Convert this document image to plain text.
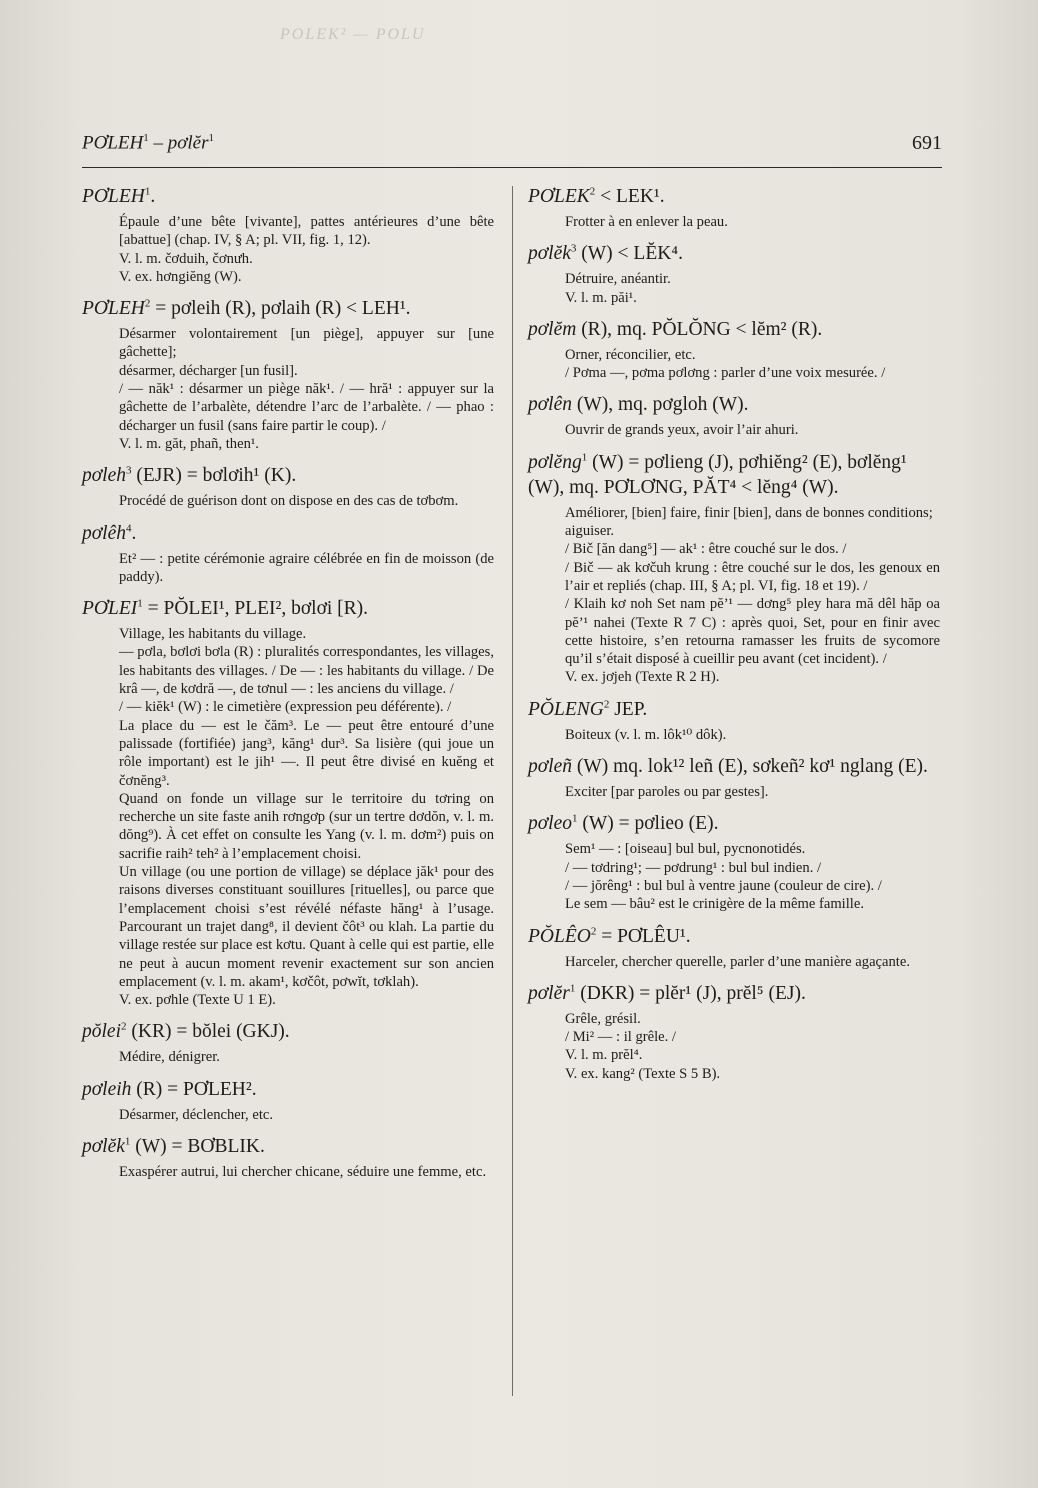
POLEK² — POLU
PƠLEH$^1$ – pơlĕr$^1$	691
PƠLEH$^1$.

Épaule d’une bête [vivante], pattes antérieures d’une bête [abattue] (chap. IV, § A; pl. VII, fig. 1, 12).

V. l. m. čơduih, čơnưh.

V. ex. hơngiĕng (W).

$PƠLEH^2$ = pơleih (R), pơlaih (R) < LEH¹.

Désarmer volontairement [un piège], appuyer sur [une gâchette];

désarmer, décharger [un fusil].

/ — năk¹ : désarmer un piège năk¹. / — hră¹ : appuyer sur la gâchette de l’arbalète, détendre l’arc de l’arbalète. / — phao : décharger un fusil (sans faire partir le coup). /

V. l. m. găt, phañ, then¹.

pơleh$^3$ (EJR) = bơlơih¹ (K).

Procédé de guérison dont on dispose en des cas de tơbơm.

pơlêh$^4$.

Et² — : petite cérémonie agraire célébrée en fin de moisson (de paddy).

$PƠLEI^1$ = PŎLEI¹, PLEI², bơlơi [R).

Village, les habitants du village.

— pơla, bơlơi bơla (R) : pluralités correspondantes, les villages, les habitants des villages. / De — : les habitants du village. / De krâ —, de kơdră —, de tơnul — : les anciens du village. /

/ — kiĕk¹ (W) : le cimetière (expression peu déférente). /

La place du — est le čăm³. Le — peut être entouré d’une palissade (fortifiée) jang³, kăng¹ dur³. Sa lisière (qui joue un rôle important) est le jih¹ —. Il peut être divisé en kuĕng et čơnĕng³.

Quand on fonde un village sur le territoire du tơring on recherche un site faste anih rơngơp (sur un tertre dơdŏn, v. l. m. dŏng⁹). À cet effet on consulte les Yang (v. l. m. dơm²) puis on sacrifie raih² teh² à l’emplacement choisi.

Un village (ou une portion de village) se déplace jăk¹ pour des raisons diverses constituant souillures [rituelles], ou parce que l’emplacement choisi s’est révélé néfaste hăng¹ à l’usage. Parcourant un trajet dang⁸, il devient čôt³ ou klah. La partie du village restée sur place est kơtu. Quant à celle qui est partie, elle ne peut à aucun moment revenir exactement sur son ancien emplacement (v. l. m. akam¹, kơčôt, pơwĭt, tơklah).

V. ex. pơhle (Texte U 1 E).

pŏlei$^2$ (KR) = bŏlei (GKJ).

Médire, dénigrer.

pơleih (R) = PƠLEH².

Désarmer, déclencher, etc.

pơlĕk$^1$ (W) = BƠBLIK.

Exaspérer autrui, lui chercher chicane, séduire une femme, etc.

$PƠLEK^2 < LEK^1$.

Frotter à en enlever la peau.

pơlĕk$^3$ (W) < LĔK⁴.

Détruire, anéantir.

V. l. m. păi¹.

pơlĕm (R), mq. PŎLŎNG < lĕm² (R).

Orner, réconcilier, etc.

/ Pơma —, pơma pơlơng : parler d’une voix mesurée. /

pơlên (W), mq. pơgloh (W).

Ouvrir de grands yeux, avoir l’air ahuri.

pơlĕng$^1$ (W) = pơlieng (J), pơhiĕng² (E), bơlĕng¹ (W), mq. PƠLƠNG, PĂT⁴ < lĕng⁴ (W).

Améliorer, [bien] faire, finir [bien], dans de bonnes conditions;

aiguiser.

/ Bič [ăn dang⁵] — ak¹ : être couché sur le dos. /

/ Bič — ak kơčuh krung : être couché sur le dos, les genoux en l’air et repliés (chap. III, § A; pl. VI, fig. 18 et 19). /

/ Klaih kơ noh Set nam pĕ’¹ — dơng⁵ pley hara mă dêl hăp oa pĕ’¹ nahei (Texte R 7 C) : après quoi, Set, pour en finir avec cette histoire, s’en retourna ramasser les fruits de sycomore qu’il s’était disposé à cueillir peu avant (cet incident). /

V. ex. jơjeh (Texte R 2 H).

PŎLENG$^2$ JEP.

Boiteux (v. l. m. lôk¹⁰ dôk).

pơleñ (W) mq. lok¹² leñ (E), sơkeñ² kơ¹ nglang (E).

Exciter [par paroles ou par gestes].

pơleo$^1$ (W) = pơlieo (E).

Sem¹ — : [oiseau] bul bul, pycnonotidés.

/ — tơdring¹; — pơdrung¹ : bul bul indien. /

/ — jŏrêng¹ : bul bul à ventre jaune (couleur de cire). /

Le sem — bâu² est le crinigère de la même famille.

$PŎLÊO^2$ = PƠLÊU¹.

Harceler, chercher querelle, parler d’une manière agaçante.

pơlĕr$^1$ (DKR) = plĕr¹ (J), prĕl⁵ (EJ).

Grêle, grésil.

/ Mi² — : il grêle. /

V. l. m. prĕl⁴.

V. ex. kang² (Texte S 5 B).
